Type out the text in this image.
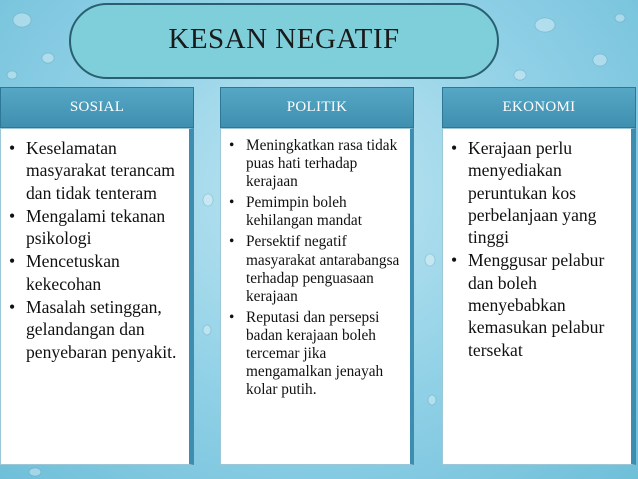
KESAN NEGATIF
SOSIAL
• Keselamatan masyarakat terancam dan tidak tenteram
• Mengalami tekanan psikologi
• Mencetuskan kekecohan
• Masalah setinggan, gelandangan dan penyebaran penyakit.
POLITIK
• Meningkatkan rasa tidak puas hati terhadap kerajaan
• Pemimpin boleh kehilangan mandat
• Persektif negatif masyarakat antarabangsa terhadap penguasaan kerajaan
• Reputasi dan persepsi badan kerajaan boleh tercemar jika mengamalkan jenayah kolar putih.
EKONOMI
• Kerajaan perlu menyediakan peruntukan kos perbelanjaan yang tinggi
• Menggusar pelabur dan boleh menyebabkan kemasukan pelabur tersekat
